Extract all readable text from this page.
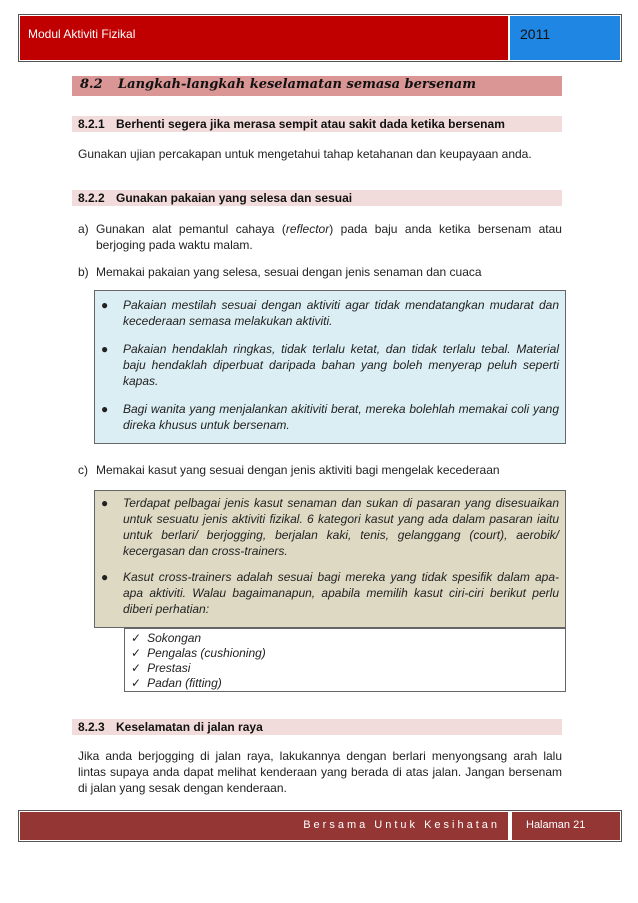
Modul Aktiviti Fizikal	2011
8.2 Langkah-langkah keselamatan semasa bersenam
8.2.1 Berhenti segera jika merasa sempit atau sakit dada ketika bersenam
Gunakan ujian percakapan untuk mengetahui tahap ketahanan dan keupayaan anda.
8.2.2 Gunakan pakaian yang selesa dan sesuai
a) Gunakan alat pemantul cahaya (reflector) pada baju anda ketika bersenam atau berjoging pada waktu malam.
b) Memakai pakaian yang selesa, sesuai dengan jenis senaman dan cuaca
● Pakaian mestilah sesuai dengan aktiviti agar tidak mendatangkan mudarat dan kecederaan semasa melakukan aktiviti.
● Pakaian hendaklah ringkas, tidak terlalu ketat, dan tidak terlalu tebal. Material baju hendaklah diperbuat daripada bahan yang boleh menyerap peluh seperti kapas.
● Bagi wanita yang menjalankan akitiviti berat, mereka bolehlah memakai coli yang direka khusus untuk bersenam.
c) Memakai kasut yang sesuai dengan jenis aktiviti bagi mengelak kecederaan
● Terdapat pelbagai jenis kasut senaman dan sukan di pasaran yang disesuaikan untuk sesuatu jenis aktiviti fizikal. 6 kategori kasut yang ada dalam pasaran iaitu untuk berlari/ berjogging, berjalan kaki, tenis, gelanggang (court), aerobik/ kecergasan dan cross-trainers.
● Kasut cross-trainers adalah sesuai bagi mereka yang tidak spesifik dalam apa-apa aktiviti. Walau bagaimanapun, apabila memilih kasut ciri-ciri berikut perlu diberi perhatian:
✓ Sokongan
✓ Pengalas (cushioning)
✓ Prestasi
✓ Padan (fitting)
8.2.3 Keselamatan di jalan raya
Jika anda berjogging di jalan raya, lakukannya dengan berlari menyongsang arah lalu lintas supaya anda dapat melihat kenderaan yang berada di atas jalan. Jangan bersenam di jalan yang sesak dengan kenderaan.
Bersama Untuk Kesihatan Halaman 21
